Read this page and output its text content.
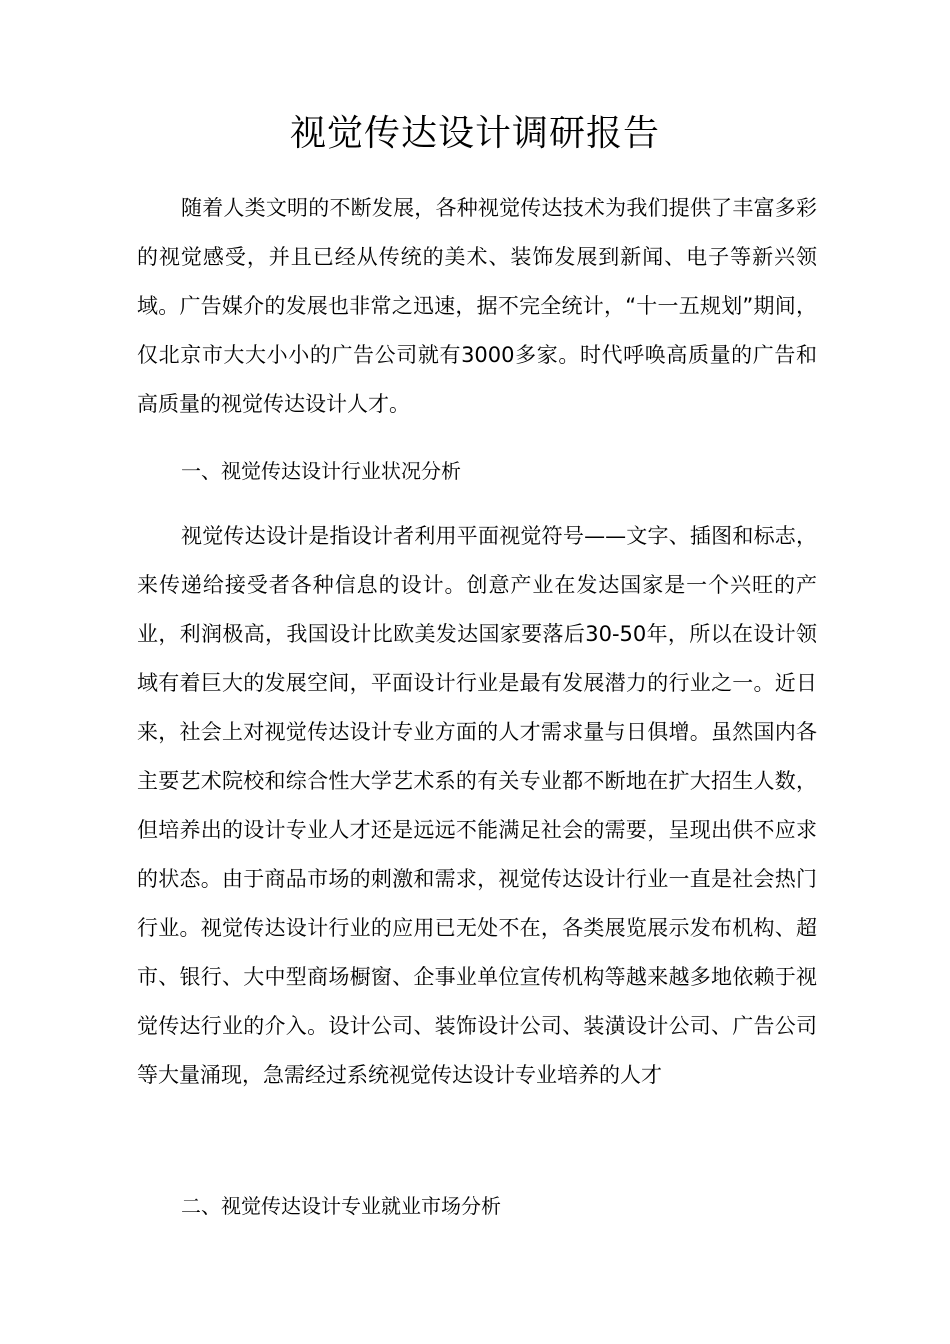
视觉传达设计调研报告

随着人类文明的不断发展，各种视觉传达技术为我们提供了丰富多彩的视觉感受，并且已经从传统的美术、装饰发展到新闻、电子等新兴领域。广告媒介的发展也非常之迅速，据不完全统计，“十一五规划”期间，仅北京市大大小小的广告公司就有3000多家。时代呼唤高质量的广告和高质量的视觉传达设计人才。

一、视觉传达设计行业状况分析

视觉传达设计是指设计者利用平面视觉符号——文字、插图和标志，来传递给接受者各种信息的设计。创意产业在发达国家是一个兴旺的产业，利润极高，我国设计比欧美发达国家要落后30-50年，所以在设计领域有着巨大的发展空间，平面设计行业是最有发展潜力的行业之一。近日来，社会上对视觉传达设计专业方面的人才需求量与日俱增。虽然国内各主要艺术院校和综合性大学艺术系的有关专业都不断地在扩大招生人数，但培养出的设计专业人才还是远远不能满足社会的需要，呈现出供不应求的状态。由于商品市场的刺激和需求，视觉传达设计行业一直是社会热门行业。视觉传达设计行业的应用已无处不在，各类展览展示发布机构、超市、银行、大中型商场橱窗、企事业单位宣传机构等越来越多地依赖于视觉传达行业的介入。设计公司、装饰设计公司、装潢设计公司、广告公司等大量涌现，急需经过系统视觉传达设计专业培养的人才

二、视觉传达设计专业就业市场分析
